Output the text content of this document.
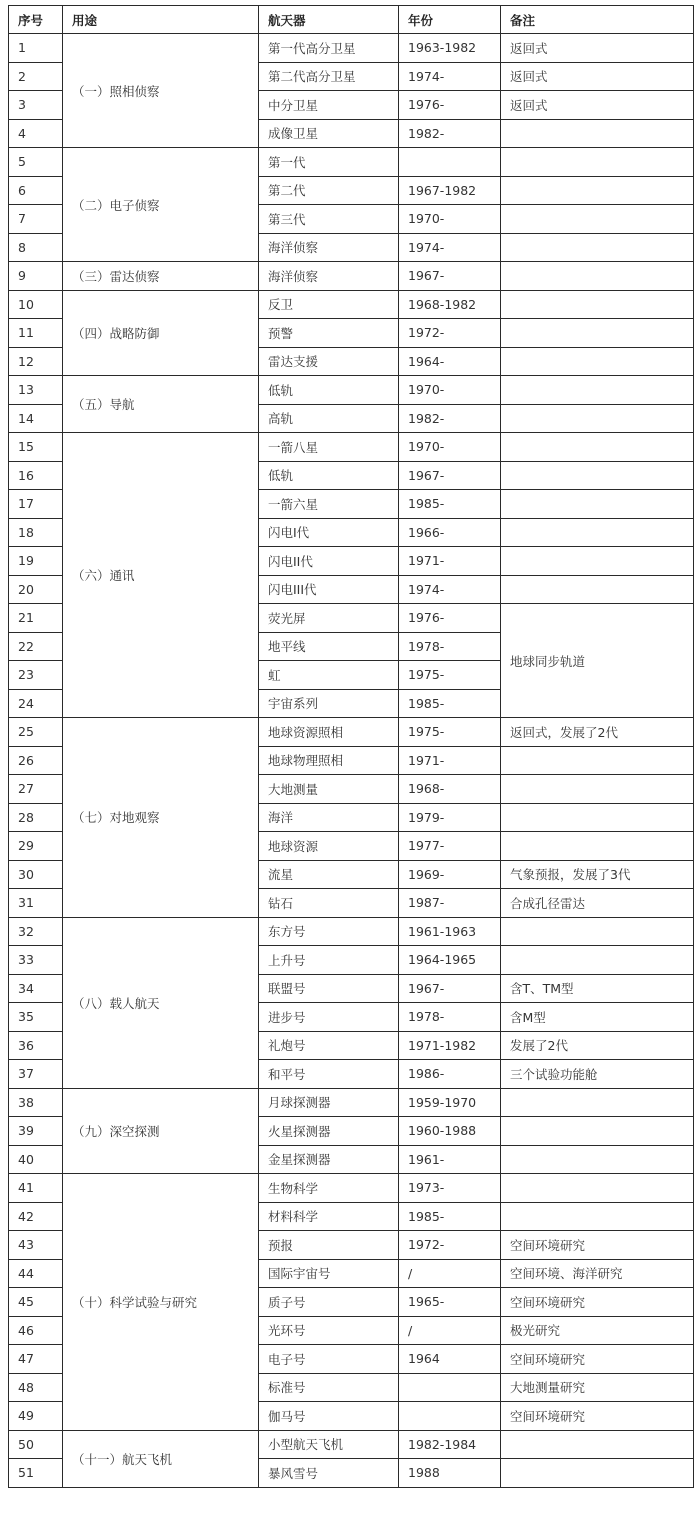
序号	用途	航天器	年份	备注
1	（一）照相侦察	第一代高分卫星	1963-1982	返回式
2		第二代高分卫星	1974-	返回式
3		中分卫星	1976-	返回式
4		成像卫星	1982-	
5	（二）电子侦察	第一代		
6		第二代	1967-1982	
7		第三代	1970-	
8		海洋侦察	1974-	
9	（三）雷达侦察	海洋侦察	1967-	
10	（四）战略防御	反卫	1968-1982	
11		预警	1972-	
12		雷达支援	1964-	
13	（五）导航	低轨	1970-	
14		高轨	1982-	
15	（六）通讯	一箭八星	1970-	
16		低轨	1967-	
17		一箭六星	1985-	
18		闪电I代	1966-	
19		闪电II代	1971-	
20		闪电III代	1974-	
21		荧光屏	1976-	地球同步轨道
22		地平线	1978-	
23		虹	1975-	
24		宇宙系列	1985-	
25	（七）对地观察	地球资源照相	1975-	返回式，发展了2代
26		地球物理照相	1971-	
27		大地测量	1968-	
28		海洋	1979-	
29		地球资源	1977-	
30		流星	1969-	气象预报，发展了3代
31		钻石	1987-	合成孔径雷达
32	（八）载人航天	东方号	1961-1963	
33		上升号	1964-1965	
34		联盟号	1967-	含T、TM型
35		进步号	1978-	含M型
36		礼炮号	1971-1982	发展了2代
37		和平号	1986-	三个试验功能舱
38	（九）深空探测	月球探测器	1959-1970	
39		火星探测器	1960-1988	
40		金星探测器	1961-	
41	（十）科学试验与研究	生物科学	1973-	
42		材料科学	1985-	
43		预报	1972-	空间环境研究
44		国际宇宙号	/	空间环境、海洋研究
45		质子号	1965-	空间环境研究
46		光环号	/	极光研究
47		电子号	1964	空间环境研究
48		标准号		大地测量研究
49		伽马号		空间环境研究
50	（十一）航天飞机	小型航天飞机	1982-1984	
51		暴风雪号	1988	
